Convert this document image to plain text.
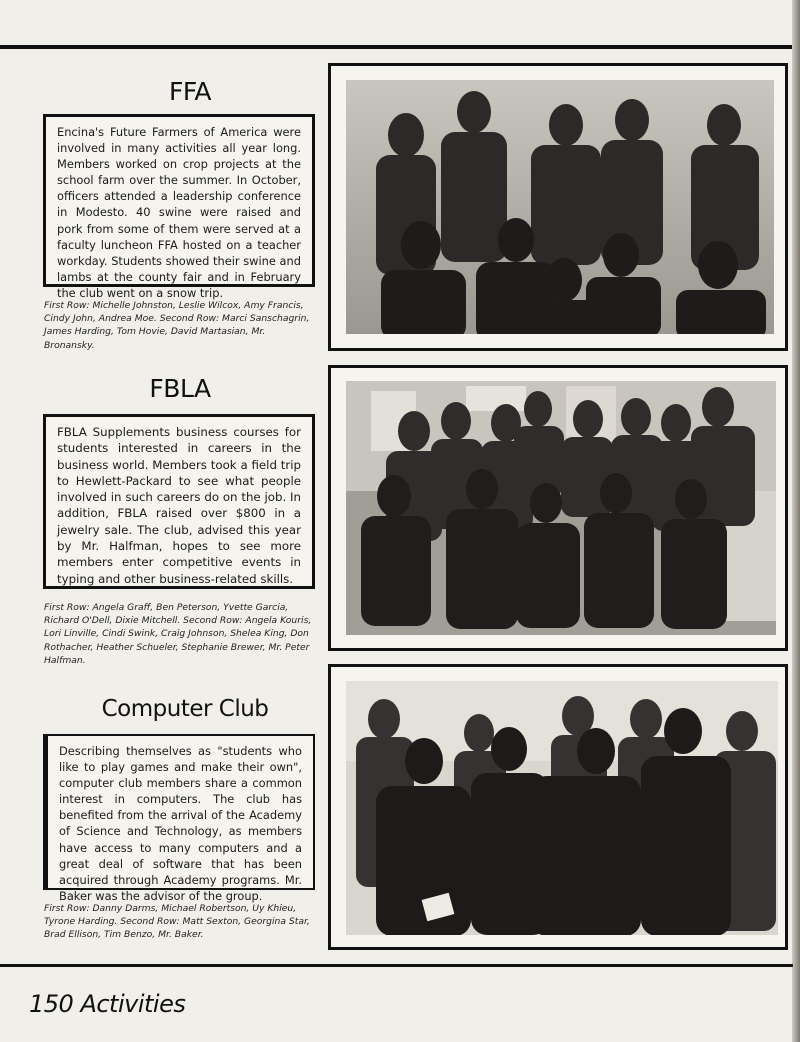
FFA
Encina's Future Farmers of America were involved in many activities all year long. Members worked on crop projects at the school farm over the summer. In October, officers attended a leadership conference in Modesto. 40 swine were raised and pork from some of them were served at a faculty luncheon FFA hosted on a teacher workday. Students showed their swine and lambs at the county fair and in February the club went on a snow trip.
First Row: Michelle Johnston, Leslie Wilcox, Amy Francis, Cindy John, Andrea Moe. Second Row: Marci Sanschagrin, James Harding, Tom Hovie, David Martasian, Mr. Bronansky.
FBLA
FBLA Supplements business courses for students interested in careers in the business world. Members took a field trip to Hewlett-Packard to see what people involved in such careers do on the job. In addition, FBLA raised over $800 in a jewelry sale. The club, advised this year by Mr. Halfman, hopes to see more members enter competitive events in typing and other business-related skills.
First Row: Angela Graff, Ben Peterson, Yvette Garcia, Richard O'Dell, Dixie Mitchell. Second Row: Angela Kouris, Lori Linville, Cindi Swink, Craig Johnson, Shelea King, Don Rothacher, Heather Schueler, Stephanie Brewer, Mr. Peter Halfman.
Computer Club
Describing themselves as "students who like to play games and make their own", computer club members share a common interest in computers. The club has benefited from the arrival of the Academy of Science and Technology, as members have access to many computers and a great deal of software that has been acquired through Academy programs. Mr. Baker was the advisor of the group.
First Row: Danny Darms, Michael Robertson, Uy Khieu, Tyrone Harding. Second Row: Matt Sexton, Georgina Star, Brad Ellison, Tim Benzo, Mr. Baker.
150 Activities
